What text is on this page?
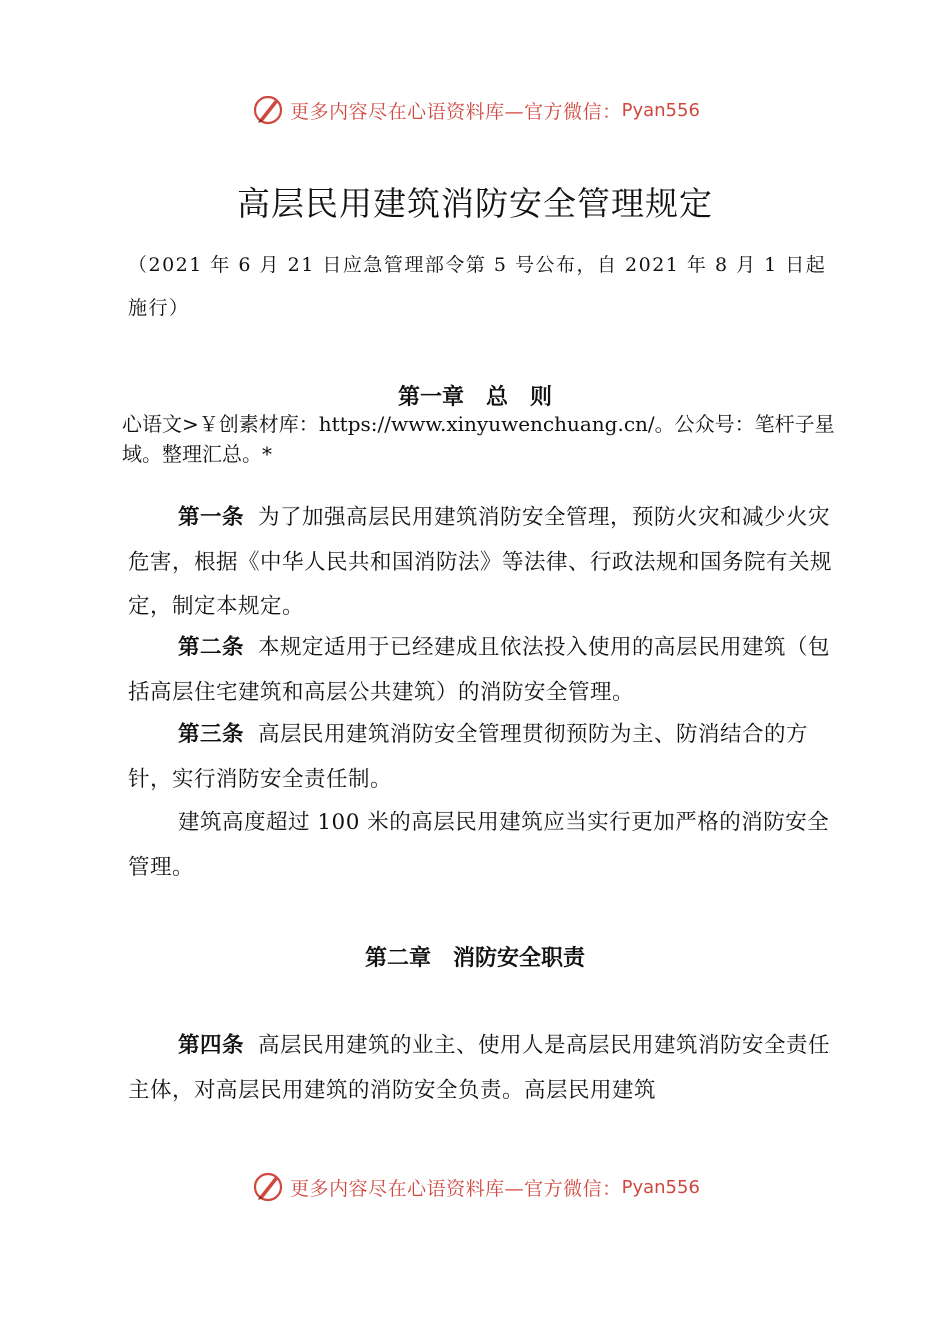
更多内容尽在心语资料库—官方微信： Pyan556
高层民用建筑消防安全管理规定

（2021 年 6 月 21 日应急管理部令第 5 号公布，自 2021 年 8 月 1 日起施行）

第一章　总　则

心语文>￥创素材库：https://www.xinyuwenchuang.cn/。公众号：笔杆子星域。整理汇总。*

第一条 为了加强高层民用建筑消防安全管理，预防火灾和减少火灾危害，根据《中华人民共和国消防法》等法律、行政法规和国务院有关规定，制定本规定。

第二条 本规定适用于已经建成且依法投入使用的高层民用建筑（包括高层住宅建筑和高层公共建筑）的消防安全管理。

第三条 高层民用建筑消防安全管理贯彻预防为主、防消结合的方针，实行消防安全责任制。

建筑高度超过 100 米的高层民用建筑应当实行更加严格的消防安全管理。

第二章　消防安全职责

第四条 高层民用建筑的业主、使用人是高层民用建筑消防安全责任主体，对高层民用建筑的消防安全负责。高层民用建筑

更多内容尽在心语资料库—官方微信： Pyan556
